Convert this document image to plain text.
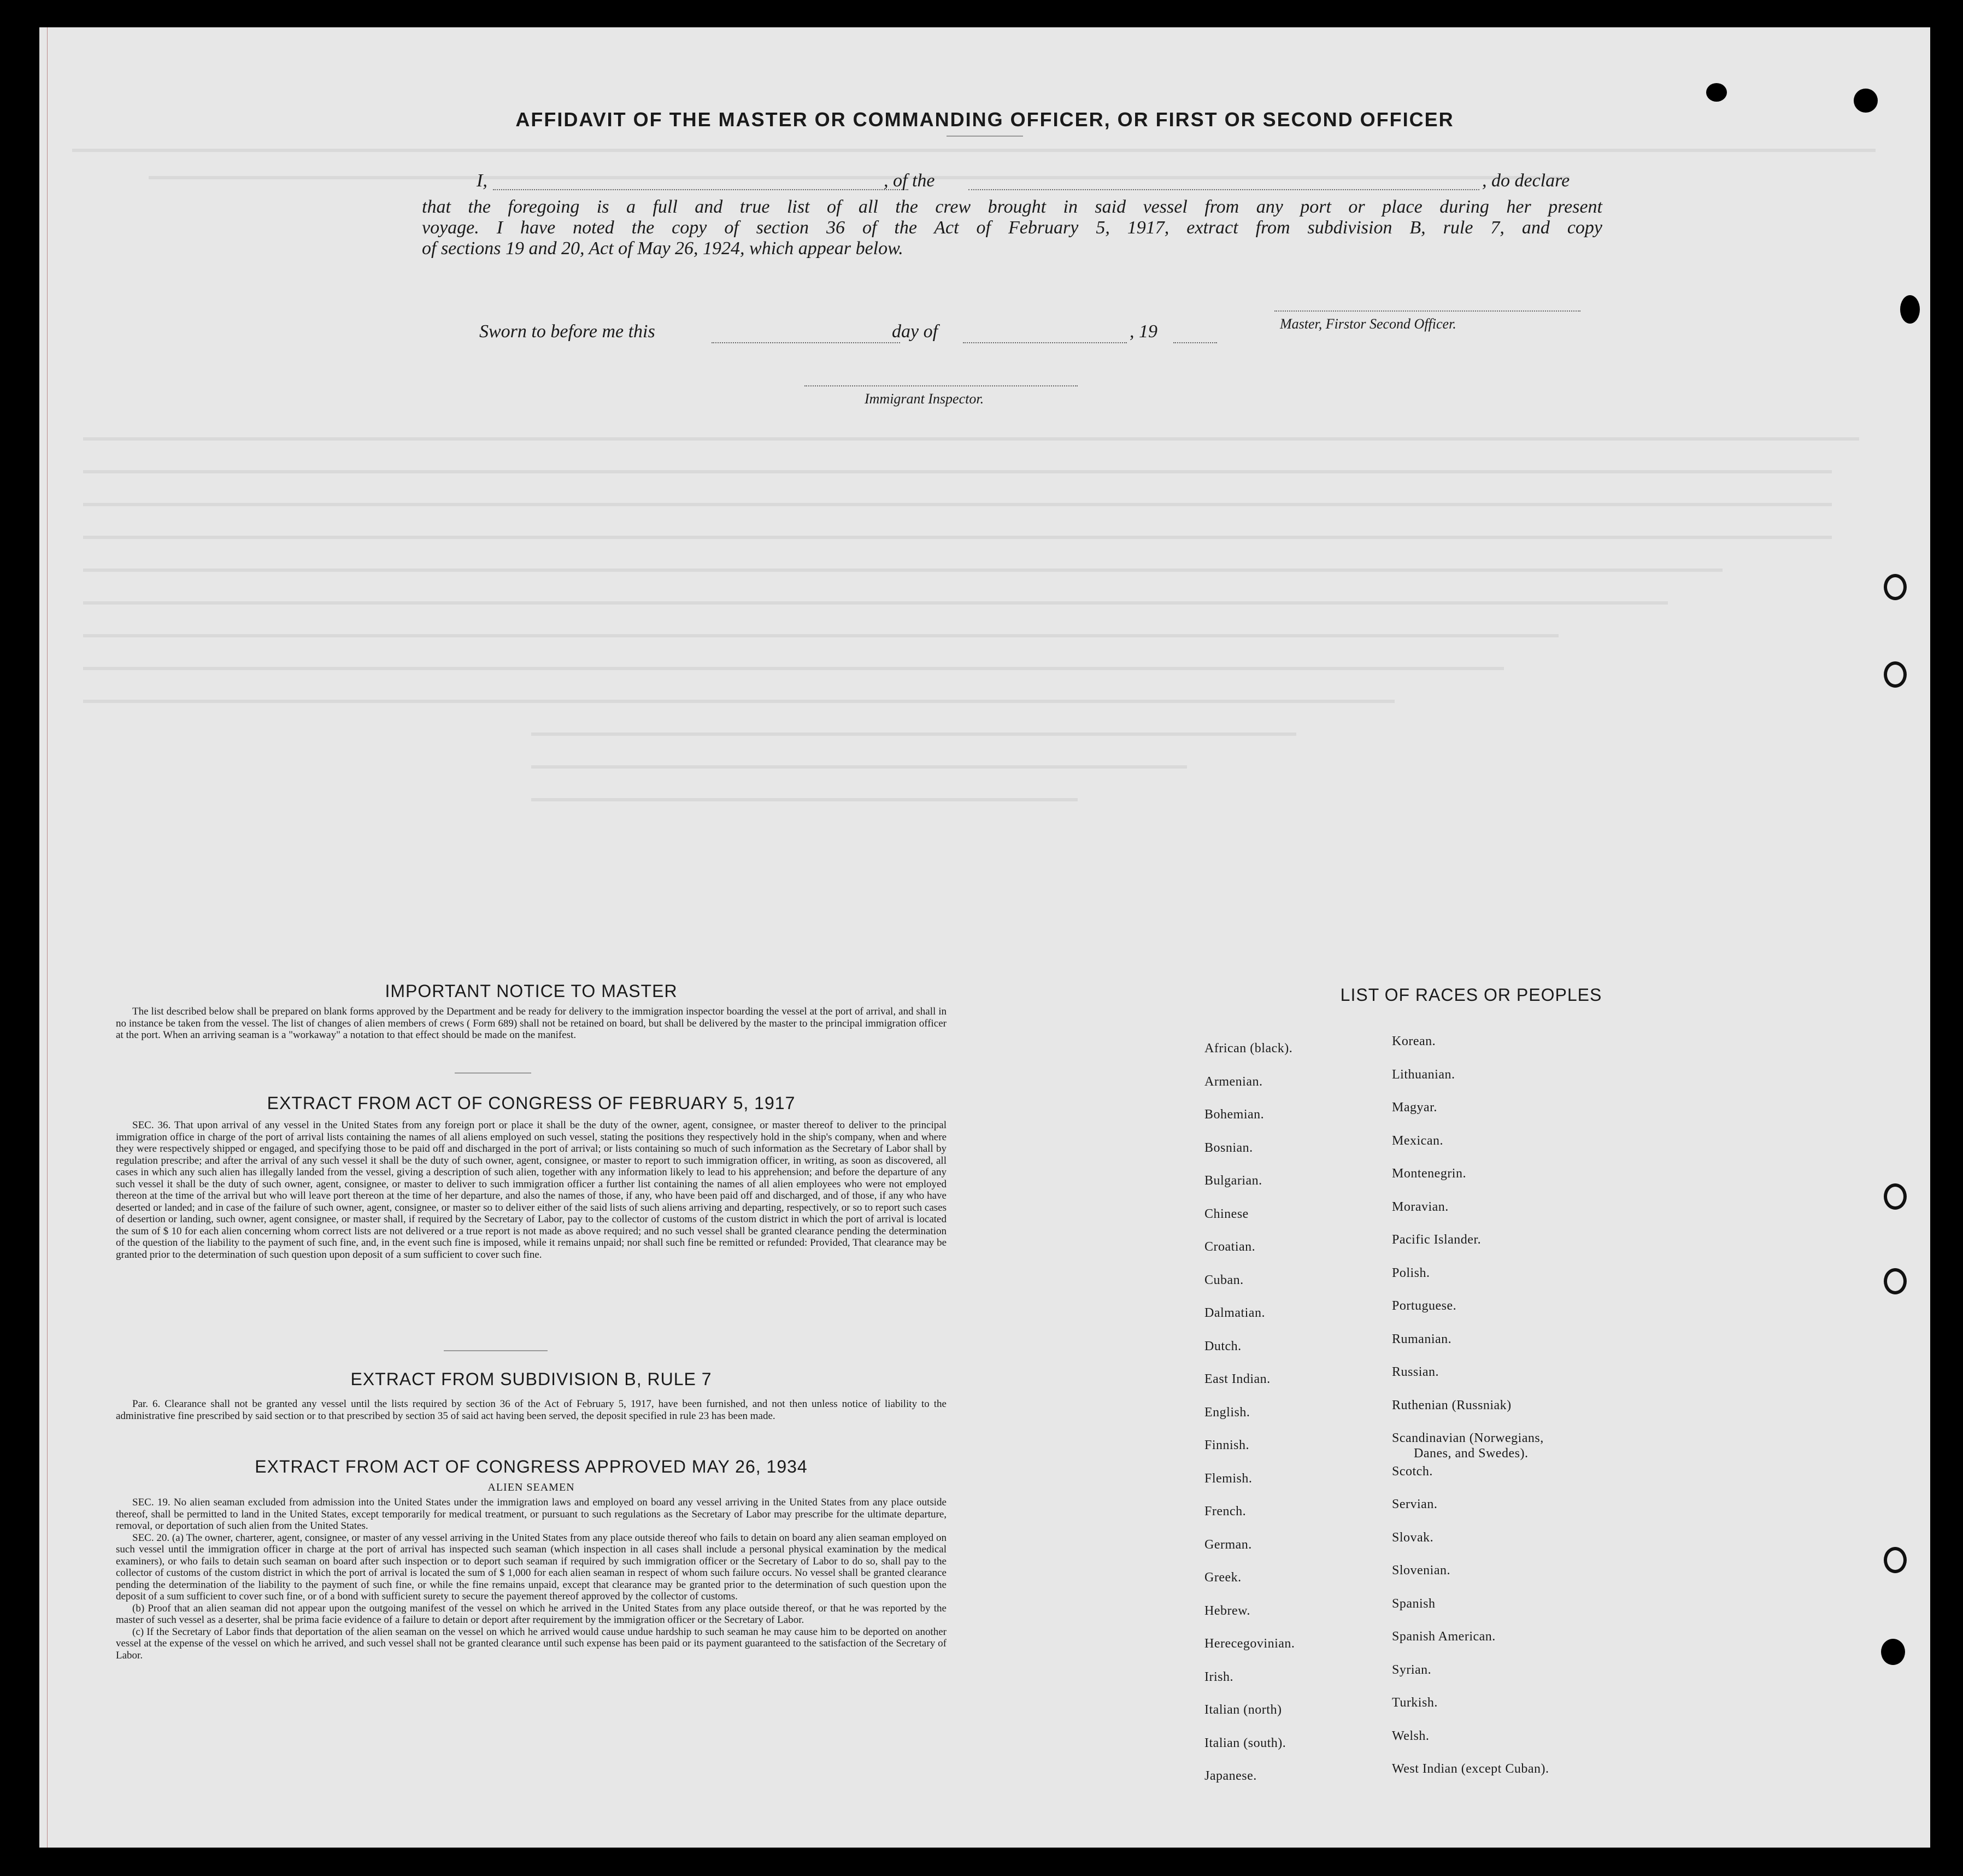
AFFIDAVIT OF THE MASTER OR COMMANDING OFFICER, OR FIRST OR SECOND OFFICER
I,	, of the	, do declare
that the foregoing is a full and true list of all the crew brought in said vessel from any port or place during her present
voyage. I have noted the copy of section 36 of the Act of February 5, 1917, extract from subdivision B, rule 7, and copy
of sections 19 and 20, Act of May 26, 1924, which appear below.
Master, Firstor Second Officer.
Sworn to before me this	day of	, 19
Immigrant Inspector.
IMPORTANT NOTICE TO MASTER

The list described below shall be prepared on blank forms approved by the Department and be ready for delivery to the immigration inspector boarding the vessel at the port of arrival, and shall in no instance be taken from the vessel. The list of changes of alien members of crews ( Form 689) shall not be retained on board, but shall be delivered by the master to the principal immigration officer at the port. When an arriving seaman is a "workaway" a notation to that effect should be made on the manifest.

EXTRACT FROM ACT OF CONGRESS OF FEBRUARY 5, 1917

SEC. 36. That upon arrival of any vessel in the United States from any foreign port or place it shall be the duty of the owner, agent, consignee, or master thereof to deliver to the principal immigration office in charge of the port of arrival lists containing the names of all aliens employed on such vessel, stating the positions they respectively hold in the ship's company, when and where they were respectively shipped or engaged, and specifying those to be paid off and discharged in the port of arrival; or lists containing so much of such information as the Secretary of Labor shall by regulation prescribe; and after the arrival of any such vessel it shall be the duty of such owner, agent, consignee, or master to report to such immigration officer, in writing, as soon as discovered, all cases in which any such alien has illegally landed from the vessel, giving a description of such alien, together with any information likely to lead to his apprehension; and before the departure of any such vessel it shall be the duty of such owner, agent, consignee, or master to deliver to such immigration officer a further list containing the names of all alien employees who were not employed thereon at the time of the arrival but who will leave port thereon at the time of her departure, and also the names of those, if any, who have been paid off and discharged, and of those, if any who have deserted or landed; and in case of the failure of such owner, agent, consignee, or master so to deliver either of the said lists of such aliens arriving and departing, respectively, or so to report such cases of desertion or landing, such owner, agent consignee, or master shall, if required by the Secretary of Labor, pay to the collector of customs of the custom district in which the port of arrival is located the sum of $ 10 for each alien concerning whom correct lists are not delivered or a true report is not made as above required; and no such vessel shall be granted clearance pending the determination of the question of the liability to the payment of such fine, and, in the event such fine is imposed, while it remains unpaid; nor shall such fine be remitted or refunded: Provided, That clearance may be granted prior to the determination of such question upon deposit of a sum sufficient to cover such fine.

EXTRACT FROM SUBDIVISION B, RULE 7

Par. 6. Clearance shall not be granted any vessel until the lists required by section 36 of the Act of February 5, 1917, have been furnished, and not then unless notice of liability to the administrative fine prescribed by said section or to that prescribed by section 35 of said act having been served, the deposit specified in rule 23 has been made.

EXTRACT FROM ACT OF CONGRESS APPROVED MAY 26, 1934
ALIEN SEAMEN

SEC. 19. No alien seaman excluded from admission into the United States under the immigration laws and employed on board any vessel arriving in the United States from any place outside thereof, shall be permitted to land in the United States, except temporarily for medical treatment, or pursuant to such regulations as the Secretary of Labor may prescribe for the ultimate departure, removal, or deportation of such alien from the United States.

SEC. 20. (a) The owner, charterer, agent, consignee, or master of any vessel arriving in the United States from any place outside thereof who fails to detain on board any alien seaman employed on such vessel until the immigration officer in charge at the port of arrival has inspected such seaman (which inspection in all cases shall include a personal physical examination by the medical examiners), or who fails to detain such seaman on board after such inspection or to deport such seaman if required by such immigration officer or the Secretary of Labor to do so, shall pay to the collector of customs of the custom district in which the port of arrival is located the sum of $ 1,000 for each alien seaman in respect of whom such failure occurs. No vessel shall be granted clearance pending the determination of the liability to the payment of such fine, or while the fine remains unpaid, except that clearance may be granted prior to the determination of such question upon the deposit of a sum sufficient to cover such fine, or of a bond with sufficient surety to secure the payement thereof approved by the collector of customs.

(b) Proof that an alien seaman did not appear upon the outgoing manifest of the vessel on which he arrived in the United States from any place outside thereof, or that he was reported by the master of such vessel as a deserter, shal be prima facie evidence of a failure to detain or deport after requirement by the immigration officer or the Secretary of Labor.

(c) If the Secretary of Labor finds that deportation of the alien seaman on the vessel on which he arrived would cause undue hardship to such seaman he may cause him to be deported on another vessel at the expense of the vessel on which he arrived, and such vessel shall not be granted clearance until such expense has been paid or its payment guaranteed to the satisfaction of the Secretary of Labor.

LIST OF RACES OR PEOPLES
African (black).
Armenian.
Bohemian.
Bosnian.
Bulgarian.
Chinese
Croatian.
Cuban.
Dalmatian.
Dutch.
East Indian.
English.
Finnish.
Flemish.
French.
German.
Greek.
Hebrew.
Herecegovinian.
Irish.
Italian (north)
Italian (south).
Japanese.
Korean.
Lithuanian.
Magyar.
Mexican.
Montenegrin.
Moravian.
Pacific Islander.
Polish.
Portuguese.
Rumanian.
Russian.
Ruthenian (Russniak)
Scandinavian (Norwegians,
Danes, and Swedes).
Scotch.
Servian.
Slovak.
Slovenian.
Spanish
Spanish American.
Syrian.
Turkish.
Welsh.
West Indian (except Cuban).
